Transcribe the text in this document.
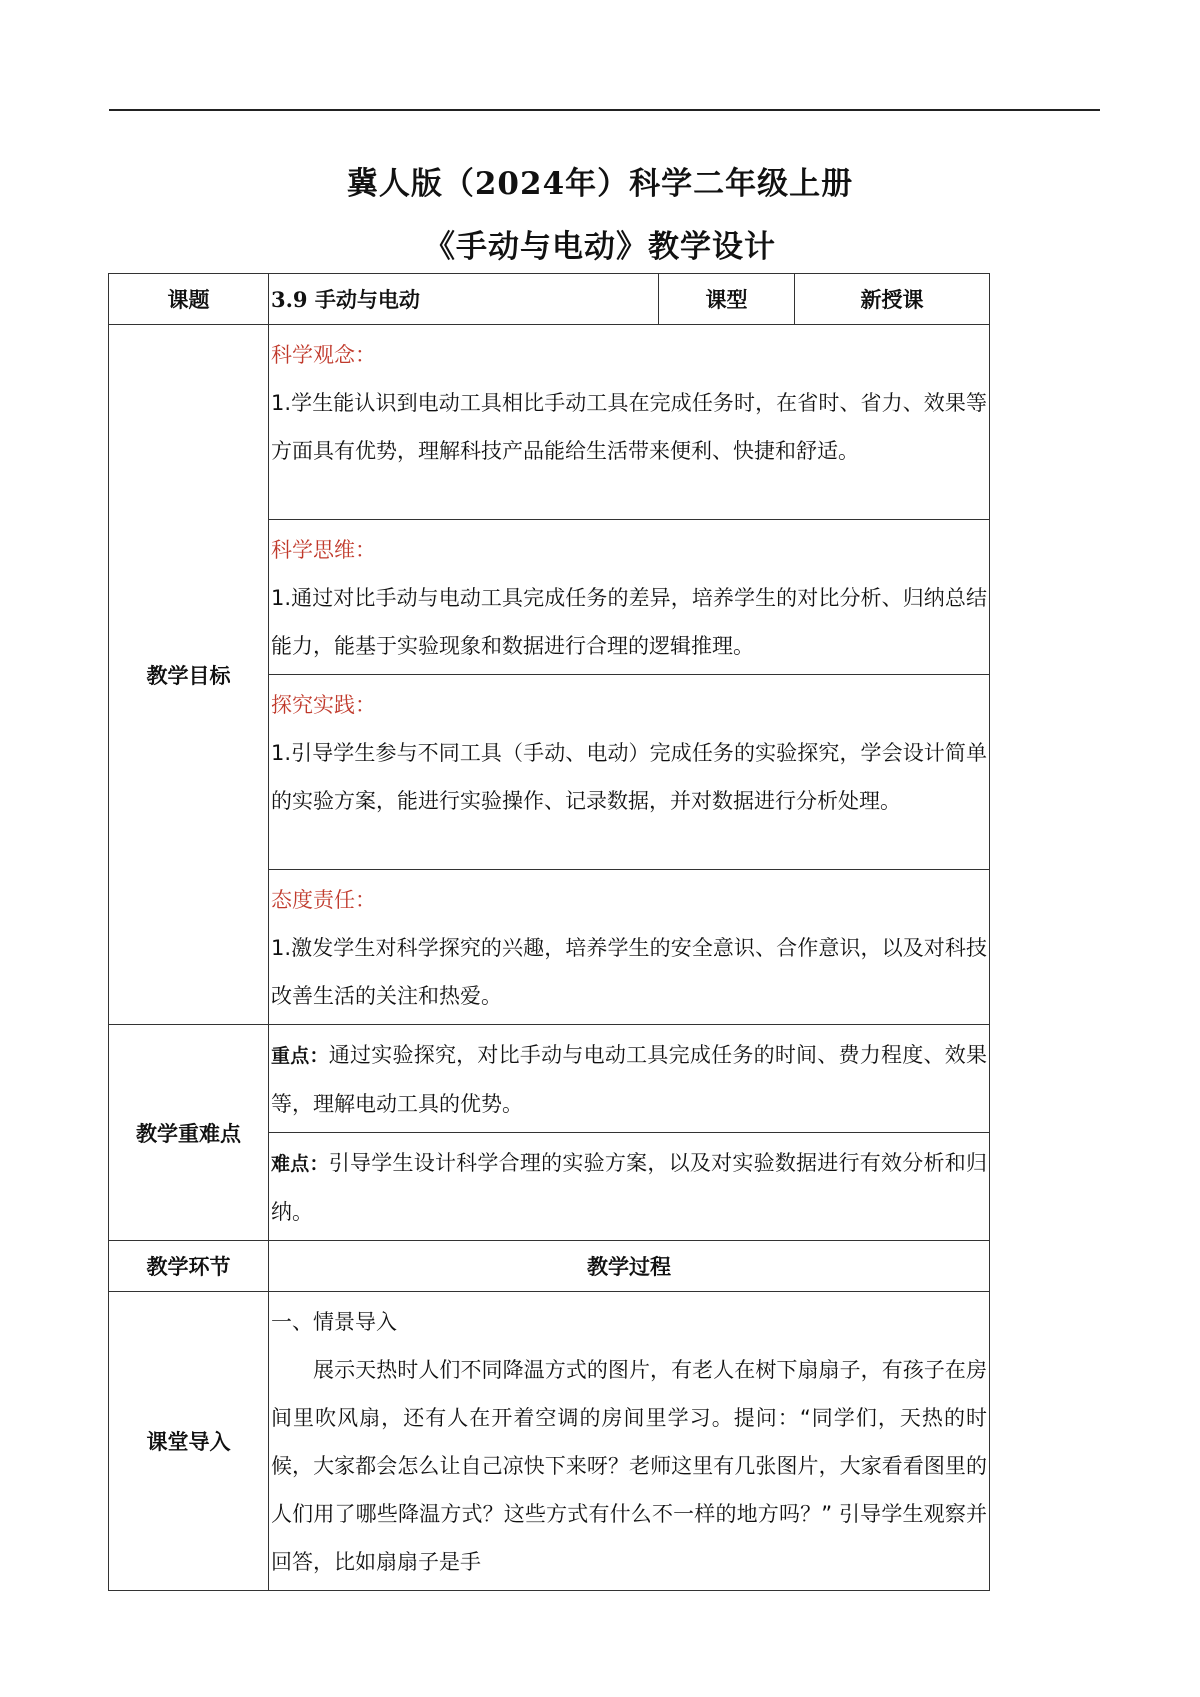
冀人版（2024年）科学二年级上册
《手动与电动》教学设计
课题	3.9 手动与电动	课型	新授课
教学目标	科学观念：

1.学生能认识到电动工具相比手动工具在完成任务时，在省时、省力、效果等方面具有优势，理解科技产品能给生活带来便利、快捷和舒适。		

	科学思维：

1.通过对比手动与电动工具完成任务的差异，培养学生的对比分析、归纳总结能力，能基于实验现象和数据进行合理的逻辑推理。		

	探究实践：

1.引导学生参与不同工具（手动、电动）完成任务的实验探究，学会设计简单的实验方案，能进行实验操作、记录数据，并对数据进行分析处理。		

	态度责任：

1.激发学生对科学探究的兴趣，培养学生的安全意识、合作意识，以及对科技改善生活的关注和热爱。		

教学重难点	重点：通过实验探究，对比手动与电动工具完成任务的时间、费力程度、效果等，理解电动工具的优势。		
	难点：引导学生设计科学合理的实验方案，以及对实验数据进行有效分析和归纳。		
教学环节	教学过程		
课堂导入	一、情景导入

展示天热时人们不同降温方式的图片，有老人在树下扇扇子，有孩子在房间里吹风扇，还有人在开着空调的房间里学习。提问：“同学们，天热的时候，大家都会怎么让自己凉快下来呀？老师这里有几张图片，大家看看图里的人们用了哪些降温方式？这些方式有什么不一样的地方吗？” 引导学生观察并回答，比如扇扇子是手		
